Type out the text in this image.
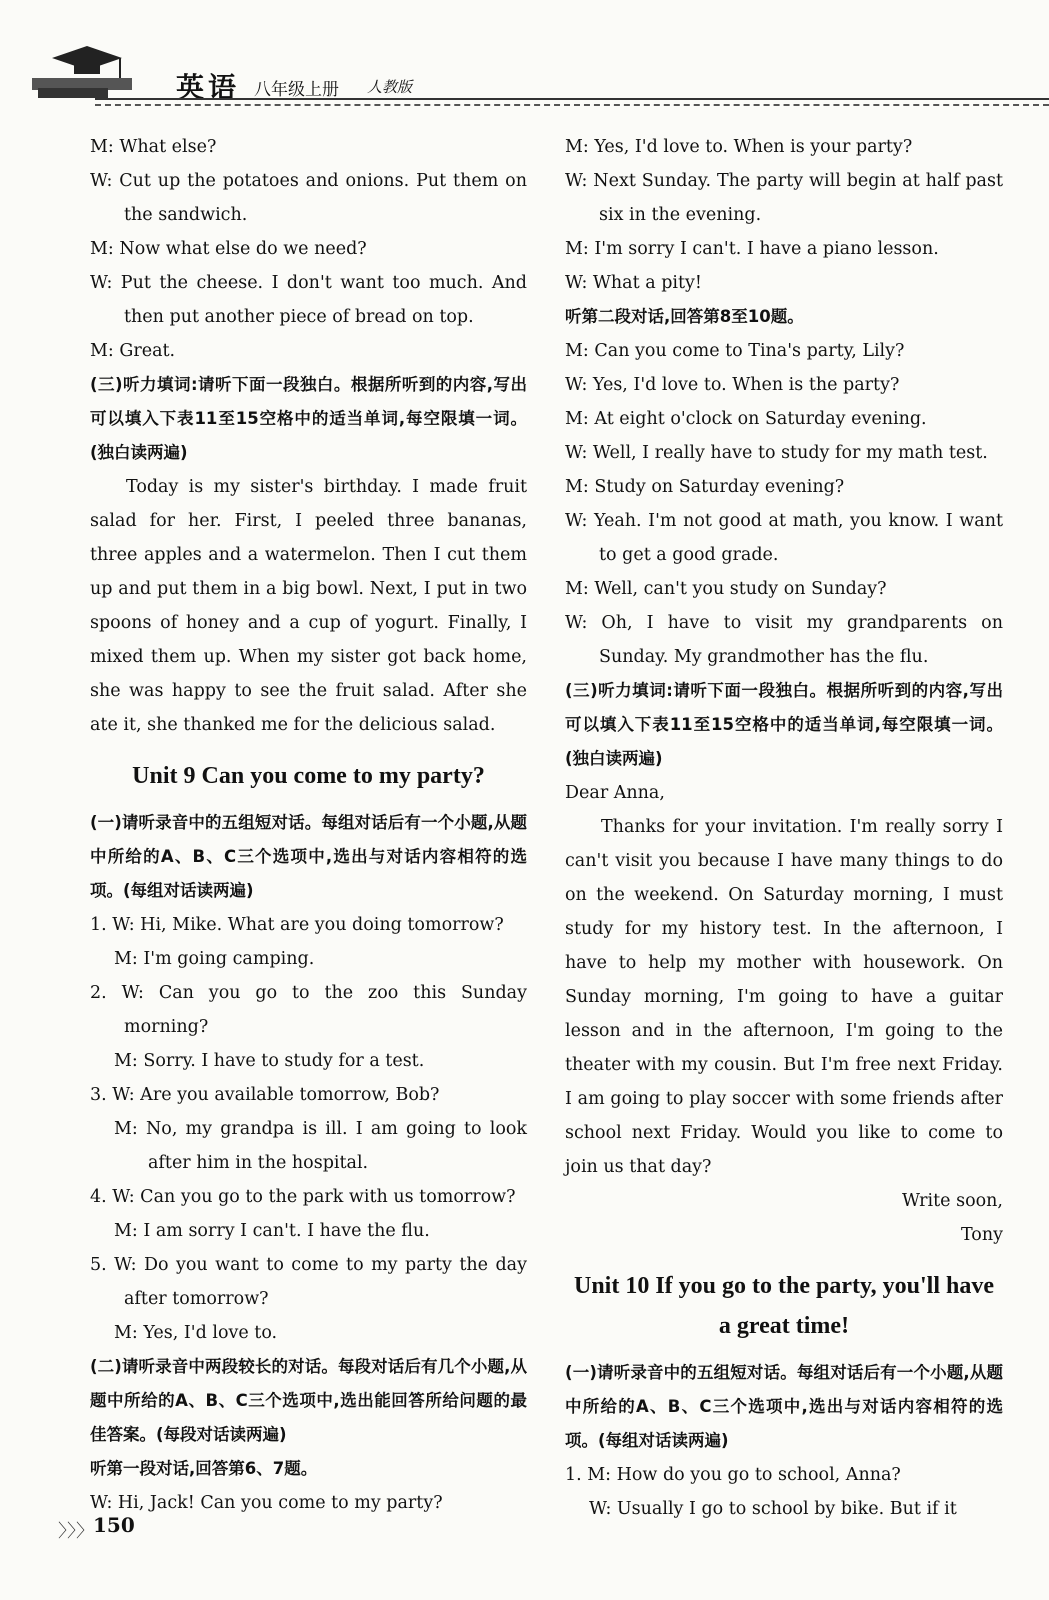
英语 八年级上册 人教版

M: What else?

W: Cut up the potatoes and onions. Put them on the sandwich.

M: Now what else do we need?

W: Put the cheese. I don't want too much. And then put another piece of bread on top.

M: Great.

(三)听力填词:请听下面一段独白。根据所听到的内容,写出可以填入下表11至15空格中的适当单词,每空限填一词。(独白读两遍)

Today is my sister's birthday. I made fruit salad for her. First, I peeled three bananas, three apples and a watermelon. Then I cut them up and put them in a big bowl. Next, I put in two spoons of honey and a cup of yogurt. Finally, I mixed them up. When my sister got back home, she was happy to see the fruit salad. After she ate it, she thanked me for the delicious salad.

Unit 9 Can you come to my party?

(一)请听录音中的五组短对话。每组对话后有一个小题,从题中所给的A、B、C三个选项中,选出与对话内容相符的选项。(每组对话读两遍)

1. W: Hi, Mike. What are you doing tomorrow?

M: I'm going camping.

2. W: Can you go to the zoo this Sunday morning?

M: Sorry. I have to study for a test.

3. W: Are you available tomorrow, Bob?

M: No, my grandpa is ill. I am going to look after him in the hospital.

4. W: Can you go to the park with us tomorrow?

M: I am sorry I can't. I have the flu.

5. W: Do you want to come to my party the day after tomorrow?

M: Yes, I'd love to.

(二)请听录音中两段较长的对话。每段对话后有几个小题,从题中所给的A、B、C三个选项中,选出能回答所给问题的最佳答案。(每段对话读两遍)

听第一段对话,回答第6、7题。

W: Hi, Jack! Can you come to my party?

M: Yes, I'd love to. When is your party?

W: Next Sunday. The party will begin at half past six in the evening.

M: I'm sorry I can't. I have a piano lesson.

W: What a pity!

听第二段对话,回答第8至10题。

M: Can you come to Tina's party, Lily?

W: Yes, I'd love to. When is the party?

M: At eight o'clock on Saturday evening.

W: Well, I really have to study for my math test.

M: Study on Saturday evening?

W: Yeah. I'm not good at math, you know. I want to get a good grade.

M: Well, can't you study on Sunday?

W: Oh, I have to visit my grandparents on Sunday. My grandmother has the flu.

(三)听力填词:请听下面一段独白。根据所听到的内容,写出可以填入下表11至15空格中的适当单词,每空限填一词。(独白读两遍)

Dear Anna,

Thanks for your invitation. I'm really sorry I can't visit you because I have many things to do on the weekend. On Saturday morning, I must study for my history test. In the afternoon, I have to help my mother with housework. On Sunday morning, I'm going to have a guitar lesson and in the afternoon, I'm going to the theater with my cousin. But I'm free next Friday. I am going to play soccer with some friends after school next Friday. Would you like to come to join us that day?

Write soon,

Tony

Unit 10 If you go to the party, you'll have a great time!

(一)请听录音中的五组短对话。每组对话后有一个小题,从题中所给的A、B、C三个选项中,选出与对话内容相符的选项。(每组对话读两遍)

1. M: How do you go to school, Anna?

W: Usually I go to school by bike. But if it

〉〉〉 150
